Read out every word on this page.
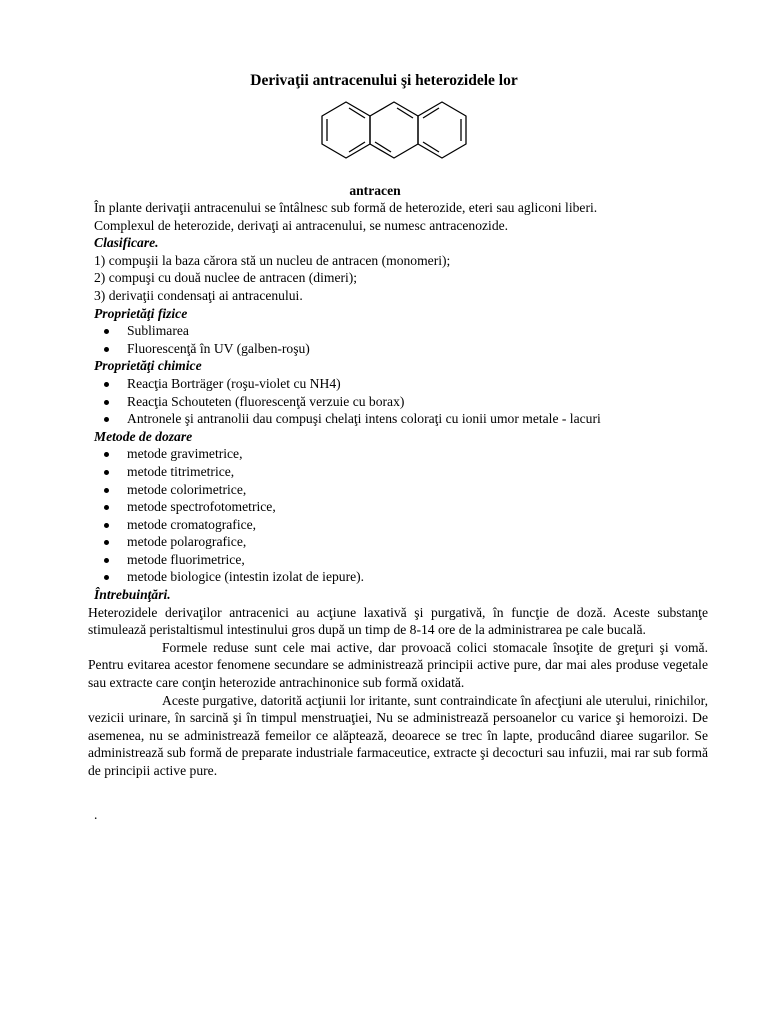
Derivaţii antracenului şi heterozidele lor
antracen

În plante derivaţii antracenului se întâlnesc sub formă de heterozide, eteri sau agliconi liberi.

Complexul de heterozide, derivaţi ai antracenului, se numesc antracenozide.

Clasificare.

1) compuşii la baza cărora stă un nucleu de antracen (monomeri);

2) compuşi cu două nuclee de antracen (dimeri);

3) derivaţii condensaţi ai antracenului.

Proprietăţi fizice

Sublimarea
Fluorescenţă în UV (galben-roşu)

Proprietăţi chimice

Reacţia Borträger (roşu-violet cu NH4)
Reacţia Schouteten (fluorescenţă verzuie cu borax)
Antronele şi antranolii dau compuşi chelaţi intens coloraţi cu ionii umor metale - lacuri

Metode de dozare

metode gravimetrice,
metode titrimetrice,
metode colorimetrice,
metode spectrofotometrice,
metode cromatografice,
metode polarografice,
metode fluorimetrice,
metode biologice (intestin izolat de iepure).

Întrebuinţări.

Heterozidele derivaţilor antracenici au acţiune laxativă şi purgativă, în funcţie de doză. Aceste substanţe stimulează peristaltismul intestinului gros după un timp de 8-14 ore de la administrarea pe cale bucală.

Formele reduse sunt cele mai active, dar provoacă colici stomacale însoţite de greţuri şi vomă. Pentru evitarea acestor fenomene secundare se administrează principii active pure, dar mai ales produse vegetale sau extracte care conţin heterozide antrachinonice sub formă oxidată.

Aceste purgative, datorită acţiunii lor iritante, sunt contraindicate în afecţiuni ale uterului, rinichilor, vezicii urinare, în sarcină şi în timpul menstruaţiei, Nu se administrează persoanelor cu varice şi hemoroizi. De asemenea, nu se administrează femeilor ce alăptează, deoarece se trec în lapte, producând diaree sugarilor. Se administrează sub formă de preparate industriale farmaceutice, extracte şi decocturi sau infuzii, mai rar sub formă de principii active pure.

.
